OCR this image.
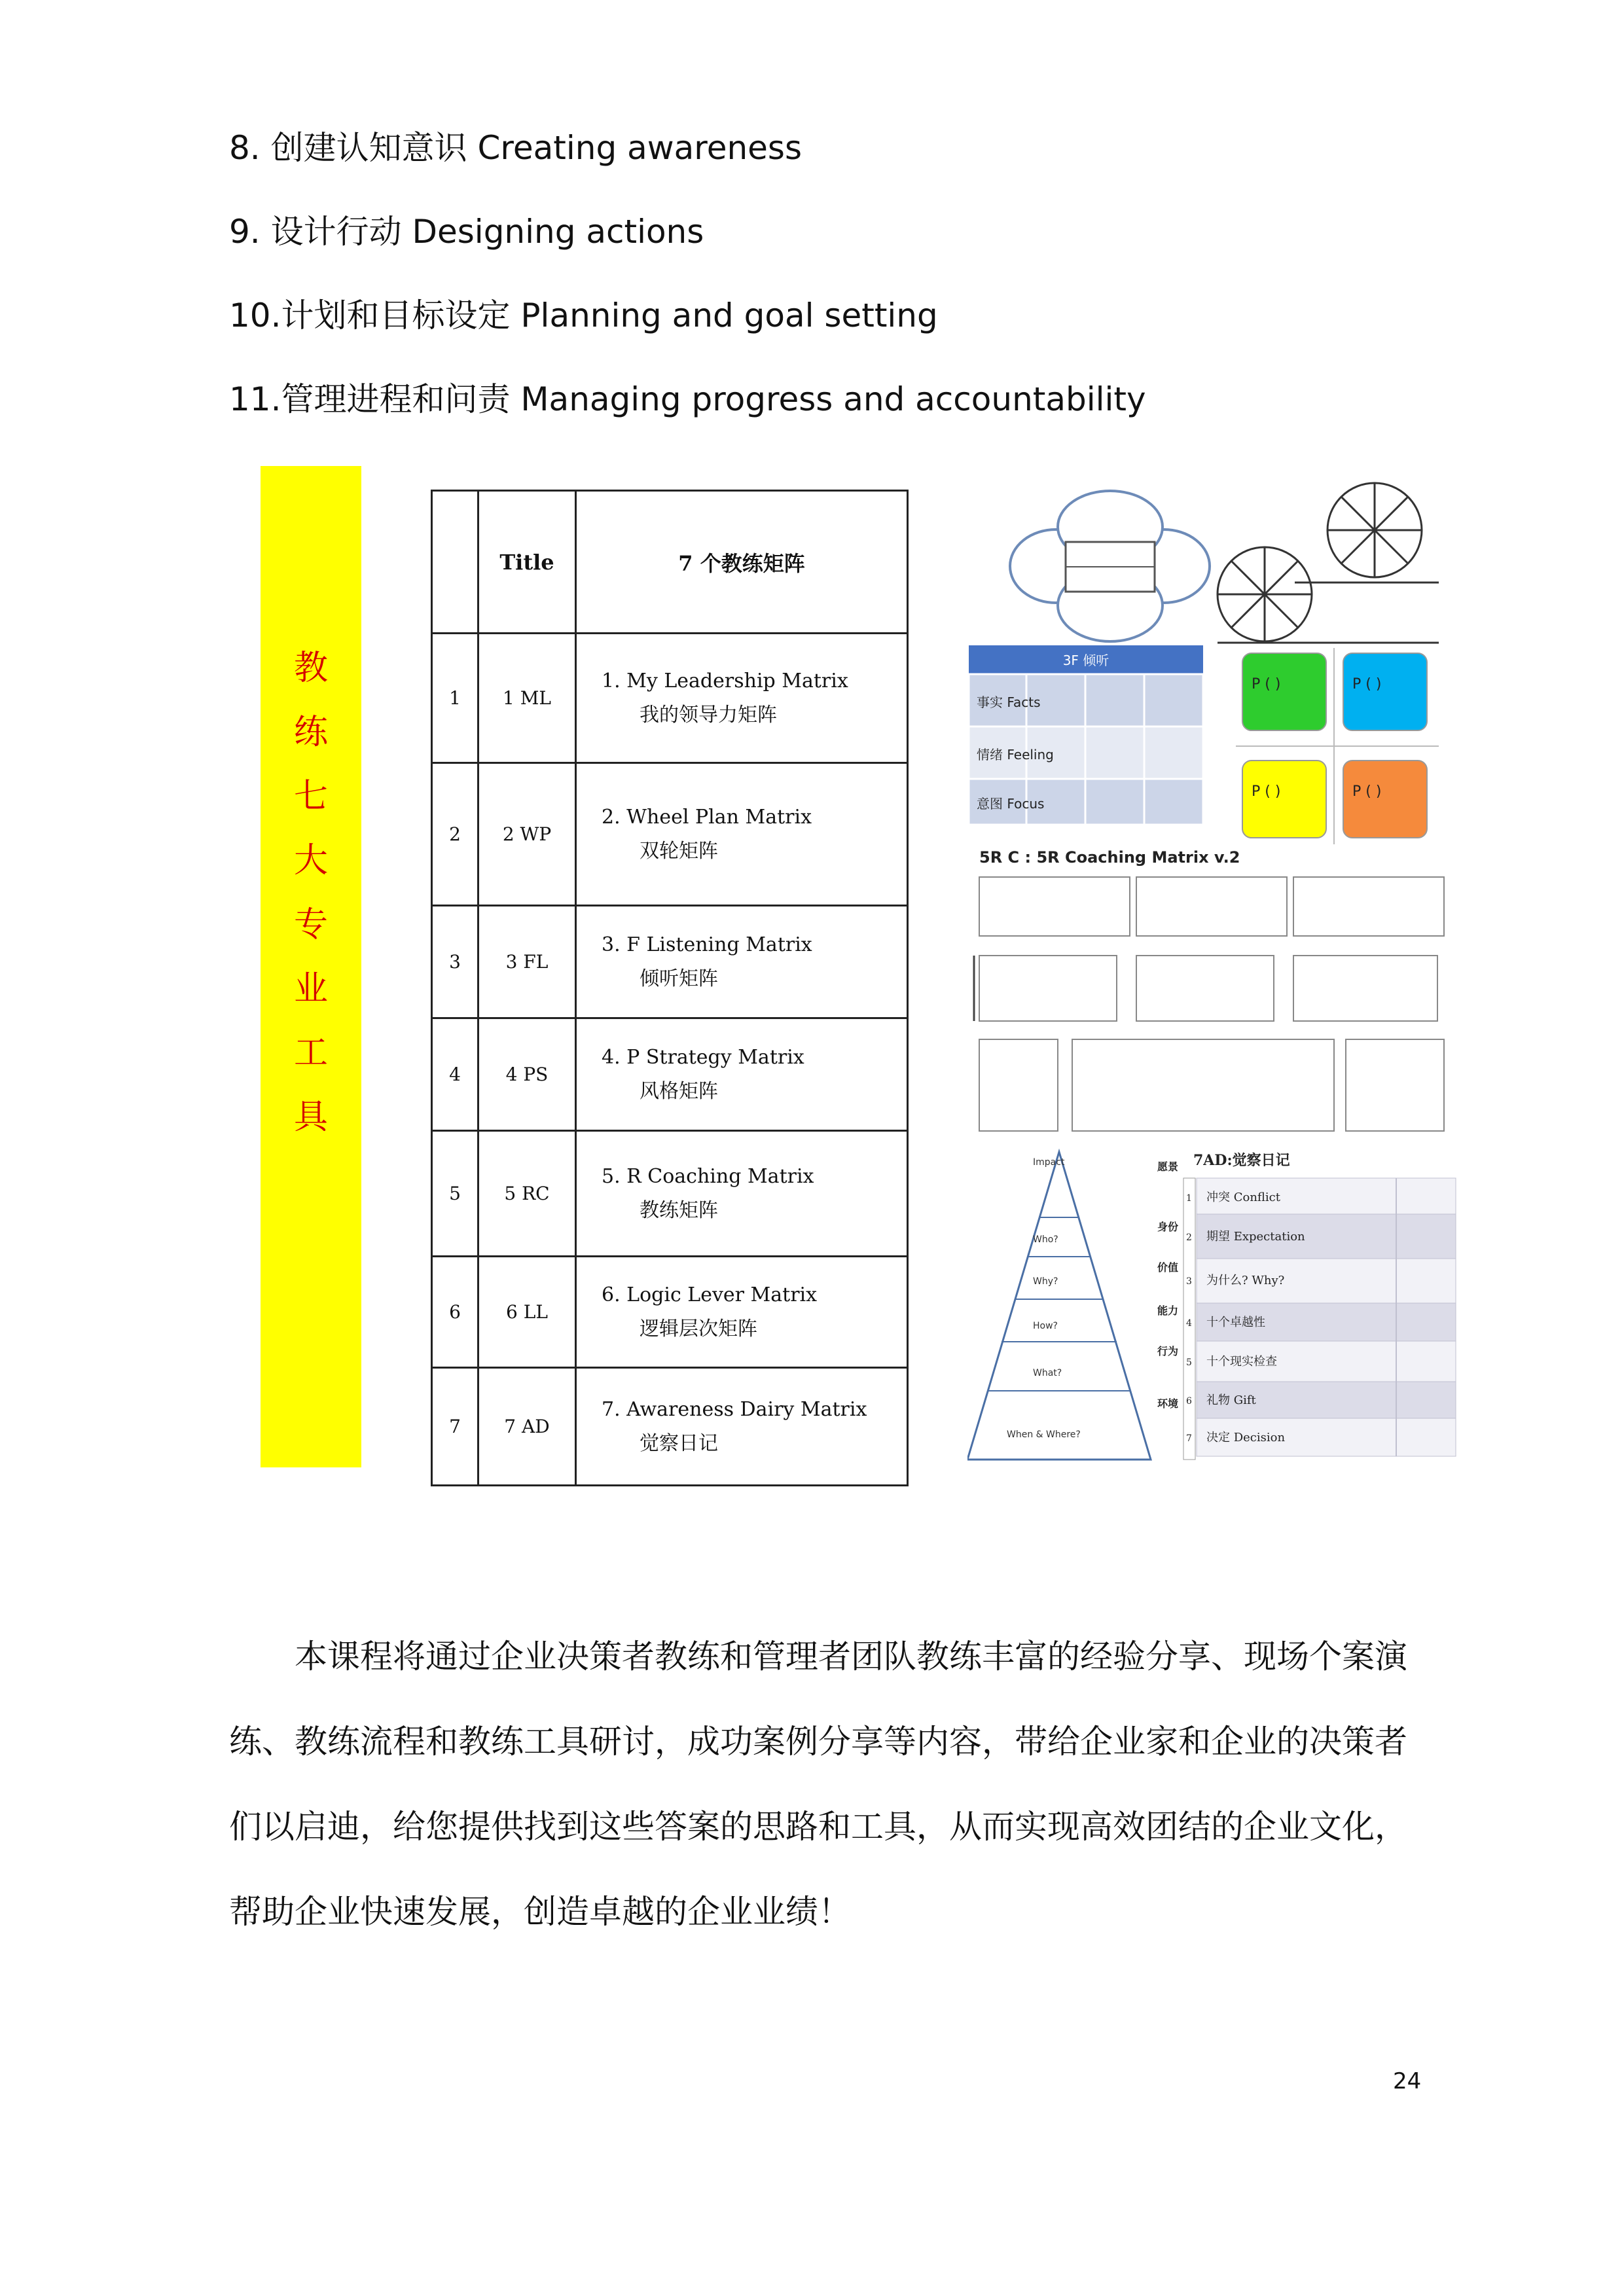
8. 创建认知意识 Creating awareness
9. 设计行动 Designing actions
10.计划和目标设定 Planning and goal setting
11.管理进程和问责 Managing progress and accountability
教
练
七
大
专
业
工
具
	Title	7 个教练矩阵
1	1 ML	1. My Leadership Matrix
我的领导力矩阵

2	2 WP	2. Wheel Plan Matrix
双轮矩阵

3	3 FL	3. F Listening Matrix
倾听矩阵

4	4 PS	4. P Strategy Matrix
风格矩阵

5	5 RC	5. R Coaching Matrix
教练矩阵

6	6 LL	6. Logic Lever Matrix
逻辑层次矩阵

7	7 AD	7. Awareness Dairy Matrix
觉察日记
3F 倾听
事实 Facts
情绪 Feeling
意图 Focus
P ( )	P ( )
P ( )	P ( )
5R C : 5R Coaching Matrix v.2
Impact
Who?
Why?
How?
What?
When & Where?
愿景
身份
价值
能力
行为
环境
7AD:觉察日记
1 冲突 Conflict
2 期望 Expectation
3 为什么? Why?
4 十个卓越性
5 十个现实检查
6 礼物 Gift
7 决定 Decision

本课程将通过企业决策者教练和管理者团队教练丰富的经验分享、现场个案演练、教练流程和教练工具研讨，成功案例分享等内容，带给企业家和企业的决策者们以启迪，给您提供找到这些答案的思路和工具，从而实现高效团结的企业文化，帮助企业快速发展，创造卓越的企业业绩！

24
